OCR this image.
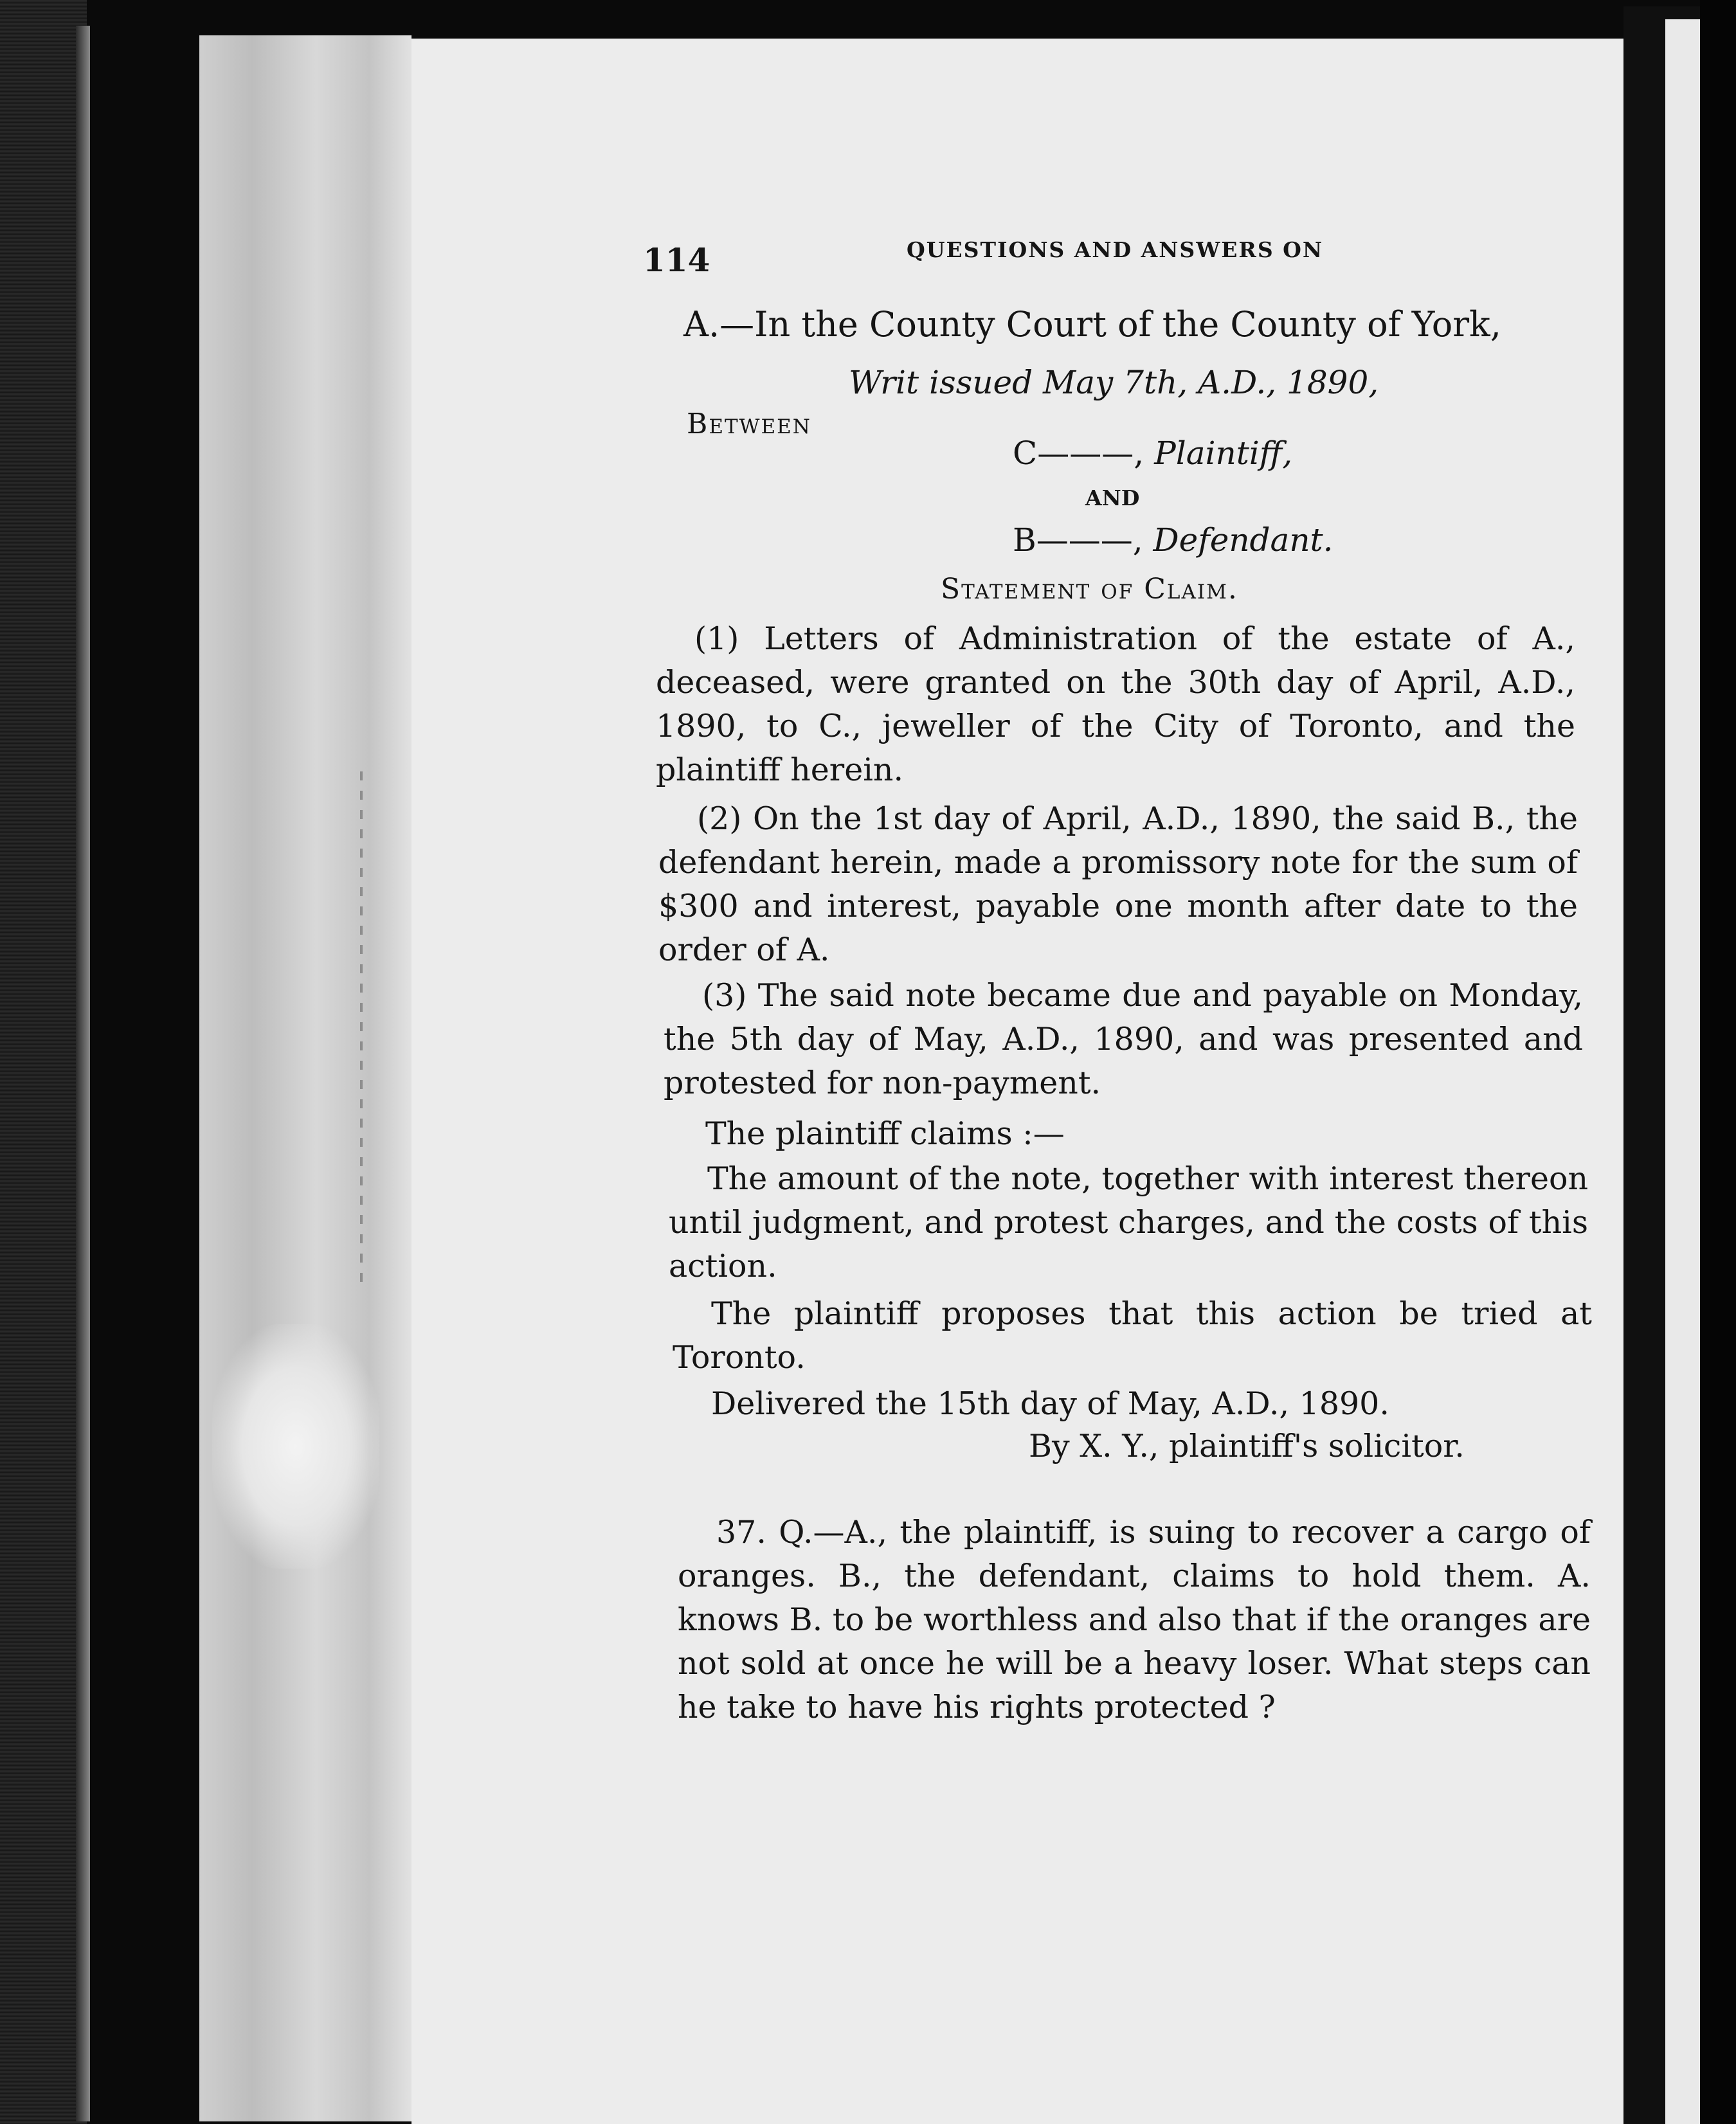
114	QUESTIONS AND ANSWERS ON
A.—In the County Court of the County of York,
Writ issued May 7th, A.D., 1890,
Between
C———, Plaintiff,
AND
B———, Defendant.
Statement of Claim.
(1) Letters of Administration of the estate of A., deceased, were granted on the 30th day of April, A.D., 1890, to C., jeweller of the City of Toronto, and the plaintiff herein.
(2) On the 1st day of April, A.D., 1890, the said B., the defendant herein, made a promissory note for the sum of $300 and interest, payable one month after date to the order of A.
(3) The said note became due and payable on Monday, the 5th day of May, A.D., 1890, and was presented and protested for non-payment.
The plaintiff claims :—
The amount of the note, together with interest thereon until judgment, and protest charges, and the costs of this action.
The plaintiff proposes that this action be tried at Toronto.
Delivered the 15th day of May, A.D., 1890.
By X. Y., plaintiff's solicitor.
37. Q.—A., the plaintiff, is suing to recover a cargo of oranges. B., the defendant, claims to hold them. A. knows B. to be worthless and also that if the oranges are not sold at once he will be a heavy loser. What steps can he take to have his rights protected ?
